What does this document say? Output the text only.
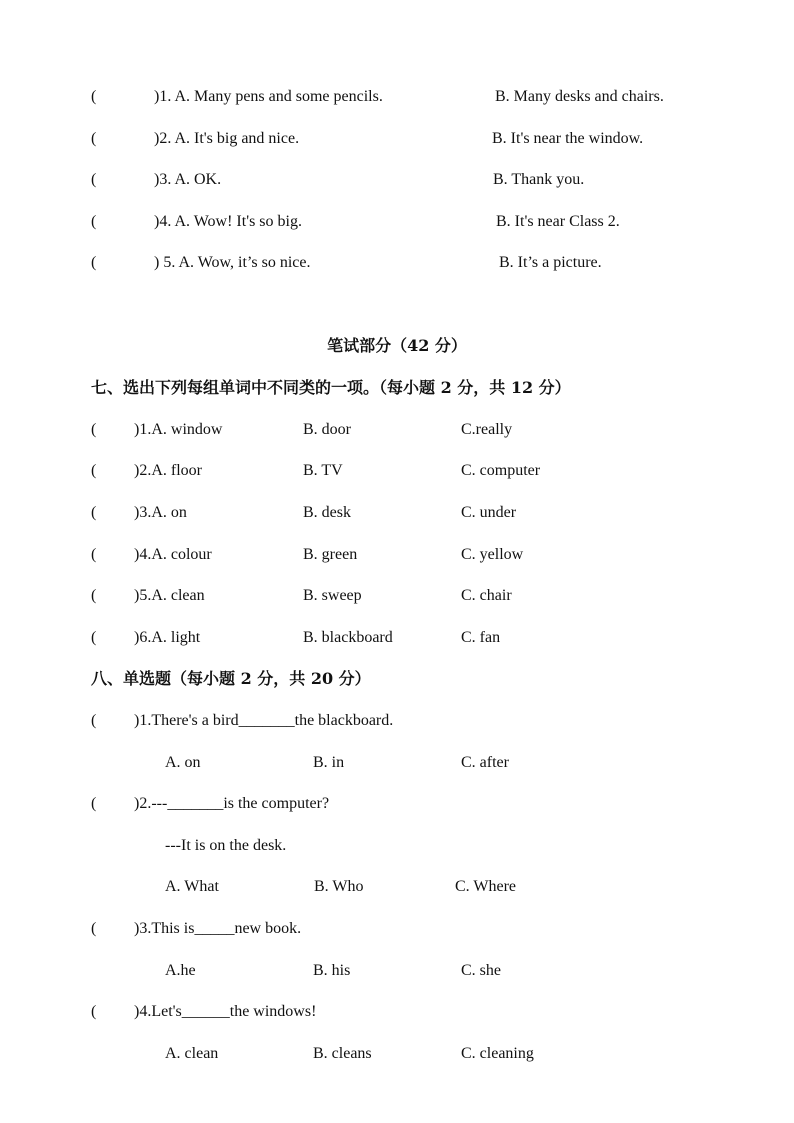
(	)1. A. Many pens and some pencils.	B. Many desks and chairs.
(	)2. A. It's big and nice.	B. It's near the window.
(	)3. A. OK.	B. Thank you.
(	)4. A. Wow! It's so big.	B. It's near Class 2.
(	) 5. A. Wow, it’s so nice.	B. It’s a picture.
笔试部分（42 分）
七、选出下列每组单词中不同类的一项。（每小题 2 分，共 12 分）
( )1.A. window	B. door	C.really
( )2.A. floor	B. TV	C. computer
( )3.A. on	B. desk	C. under
( )4.A. colour	B. green	C. yellow
( )5.A. clean	B. sweep	C. chair
( )6.A. light	B. blackboard	C. fan
八、单选题（每小题 2 分，共 20 分）
( )1.There's a bird_______the blackboard.
A. on	B. in	C. after
( )2.---_______is the computer?
---It is on the desk.
A. What	B. Who	C. Where
( )3.This is_____new book.
A.he	B. his	C. she
( )4.Let's______the windows!
A. clean	B. cleans	C. cleaning
